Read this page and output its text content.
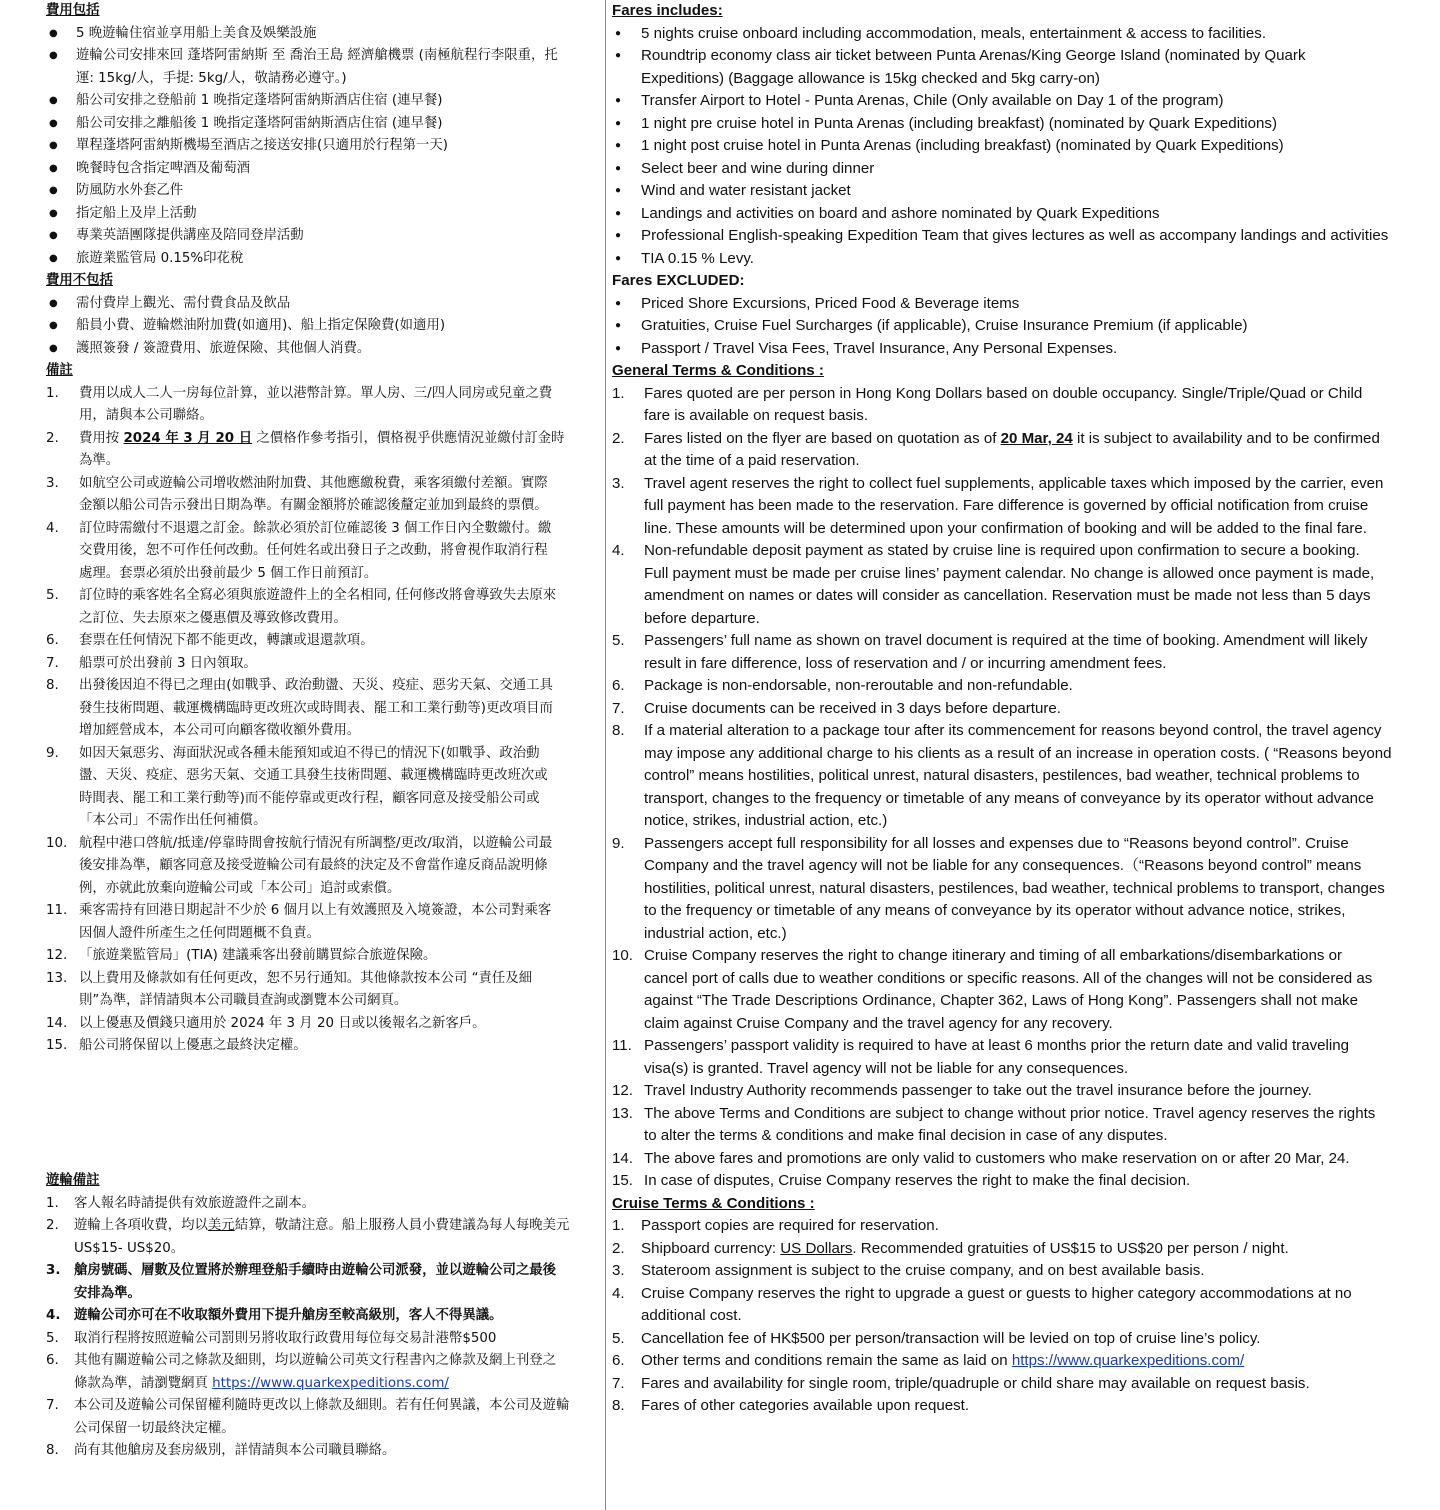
費用包括
● 5 晚遊輪住宿並享用船上美食及娛樂設施
● 遊輪公司安排來回 蓬塔阿雷納斯 至 喬治王島 經濟艙機票 (南極航程行李限重，托
運: 15kg/人，手提: 5kg/人，敬請務必遵守。)
● 船公司安排之登船前 1 晚指定蓬塔阿雷納斯酒店住宿 (連早餐)
● 船公司安排之離船後 1 晚指定蓬塔阿雷納斯酒店住宿 (連早餐)
● 單程蓬塔阿雷納斯機場至酒店之接送安排(只適用於行程第一天)
● 晚餐時包含指定啤酒及葡萄酒
● 防風防水外套乙件
● 指定船上及岸上活動
● 專業英語團隊提供講座及陪同登岸活動
● 旅遊業監管局 0.15%印花稅
費用不包括
● 需付費岸上觀光、需付費食品及飲品
● 船員小費、遊輪燃油附加費(如適用)、船上指定保險費(如適用)
● 護照簽發 / 簽證費用、旅遊保險、其他個人消費。
備註
1. 費用以成人二人一房每位計算，並以港幣計算。單人房、三/四人同房或兒童之費
用，請與本公司聯絡。
2. 費用按 2024 年 3 月 20 日 之價格作參考指引，價格視乎供應情況並繳付訂金時
為準。
3. 如航空公司或遊輪公司增收燃油附加費、其他應繳稅費，乘客須繳付差額。實際
金額以船公司告示發出日期為準。有關金額將於確認後釐定並加到最終的票價。
4. 訂位時需繳付不退還之訂金。餘款必須於訂位確認後 3 個工作日內全數繳付。繳
交費用後，恕不可作任何改動。任何姓名或出發日子之改動，將會視作取消行程
處理。套票必須於出發前最少 5 個工作日前預訂。
5. 訂位時的乘客姓名全寫必須與旅遊證件上的全名相同, 任何修改將會導致失去原來
之訂位、失去原來之優惠價及導致修改費用。
6. 套票在任何情況下都不能更改，轉讓或退還款項。
7. 船票可於出發前 3 日內領取。
8. 出發後因迫不得已之理由(如戰爭、政治動盪、天災、疫症、惡劣天氣、交通工具
發生技術問題、載運機構臨時更改班次或時間表、罷工和工業行動等)更改項目而
增加經營成本，本公司可向顧客徵收額外費用。
9. 如因天氣惡劣、海面狀況或各種未能預知或迫不得已的情況下(如戰爭、政治動
盪、天災、疫症、惡劣天氣、交通工具發生技術問題、載運機構臨時更改班次或
時間表、罷工和工業行動等)而不能停靠或更改行程，顧客同意及接受船公司或
「本公司」不需作出任何補償。
10. 航程中港口啓航/抵達/停靠時間會按航行情況有所調整/更改/取消，以遊輪公司最
後安排為準，顧客同意及接受遊輪公司有最終的決定及不會當作違反商品說明條
例，亦就此放棄向遊輪公司或「本公司」追討或索償。
11. 乘客需持有回港日期起計不少於 6 個月以上有效護照及入境簽證，本公司對乘客
因個人證件所產生之任何問題概不負責。
12. 「旅遊業監管局」(TIA) 建議乘客出發前購買綜合旅遊保險。
13. 以上費用及條款如有任何更改，恕不另行通知。其他條款按本公司 “責任及細
則”為準，詳情請與本公司職員查詢或瀏覽本公司網頁。
14. 以上優惠及價錢只適用於 2024 年 3 月 20 日或以後報名之新客戶。
15. 船公司將保留以上優惠之最終決定權。
遊輪備註
1. 客人報名時請提供有效旅遊證件之副本。
2. 遊輪上各項收費，均以美元結算，敬請注意。船上服務人員小費建議為每人每晚美元
US$15- US$20。
3. 艙房號碼、層數及位置將於辦理登船手續時由遊輪公司派發，並以遊輪公司之最後
安排為準。
4. 遊輪公司亦可在不收取額外費用下提升艙房至較高級別，客人不得異議。
5. 取消行程將按照遊輪公司罰則另將收取行政費用每位每交易計港幣$500
6. 其他有關遊輪公司之條款及細則，均以遊輪公司英文行程書內之條款及網上刊登之
條款為準，請瀏覽網頁 https://www.quarkexpeditions.com/
7. 本公司及遊輪公司保留權利隨時更改以上條款及細則。若有任何異議，本公司及遊輪
公司保留一切最終決定權。
8. 尚有其他艙房及套房級別，詳情請與本公司職員聯絡。
Fares includes:
● 5 nights cruise onboard including accommodation, meals, entertainment & access to facilities.
● Roundtrip economy class air ticket between Punta Arenas/King George Island (nominated by Quark
Expeditions) (Baggage allowance is 15kg checked and 5kg carry-on)
● Transfer Airport to Hotel - Punta Arenas, Chile (Only available on Day 1 of the program)
● 1 night pre cruise hotel in Punta Arenas (including breakfast) (nominated by Quark Expeditions)
● 1 night post cruise hotel in Punta Arenas (including breakfast) (nominated by Quark Expeditions)
● Select beer and wine during dinner
● Wind and water resistant jacket
● Landings and activities on board and ashore nominated by Quark Expeditions
● Professional English-speaking Expedition Team that gives lectures as well as accompany landings and activities
● TIA 0.15 % Levy.
Fares EXCLUDED:
● Priced Shore Excursions, Priced Food & Beverage items
● Gratuities, Cruise Fuel Surcharges (if applicable), Cruise Insurance Premium (if applicable)
● Passport / Travel Visa Fees, Travel Insurance, Any Personal Expenses.
General Terms & Conditions :
1. Fares quoted are per person in Hong Kong Dollars based on double occupancy. Single/Triple/Quad or Child
fare is available on request basis.
2. Fares listed on the flyer are based on quotation as of 20 Mar, 24 it is subject to availability and to be confirmed
at the time of a paid reservation.
3. Travel agent reserves the right to collect fuel supplements, applicable taxes which imposed by the carrier, even
full payment has been made to the reservation. Fare difference is governed by official notification from cruise
line. These amounts will be determined upon your confirmation of booking and will be added to the final fare.
4. Non-refundable deposit payment as stated by cruise line is required upon confirmation to secure a booking.
Full payment must be made per cruise lines’ payment calendar. No change is allowed once payment is made,
amendment on names or dates will consider as cancellation. Reservation must be made not less than 5 days
before departure.
5. Passengers’ full name as shown on travel document is required at the time of booking. Amendment will likely
result in fare difference, loss of reservation and / or incurring amendment fees.
6. Package is non-endorsable, non-reroutable and non-refundable.
7. Cruise documents can be received in 3 days before departure.
8. If a material alteration to a package tour after its commencement for reasons beyond control, the travel agency
may impose any additional charge to his clients as a result of an increase in operation costs. ( “Reasons beyond
control” means hostilities, political unrest, natural disasters, pestilences, bad weather, technical problems to
transport, changes to the frequency or timetable of any means of conveyance by its operator without advance
notice, strikes, industrial action, etc.)
9. Passengers accept full responsibility for all losses and expenses due to “Reasons beyond control”. Cruise
Company and the travel agency will not be liable for any consequences.（“Reasons beyond control” means
hostilities, political unrest, natural disasters, pestilences, bad weather, technical problems to transport, changes
to the frequency or timetable of any means of conveyance by its operator without advance notice, strikes,
industrial action, etc.)
10. Cruise Company reserves the right to change itinerary and timing of all embarkations/disembarkations or
cancel port of calls due to weather conditions or specific reasons. All of the changes will not be considered as
against “The Trade Descriptions Ordinance, Chapter 362, Laws of Hong Kong”. Passengers shall not make
claim against Cruise Company and the travel agency for any recovery.
11. Passengers’ passport validity is required to have at least 6 months prior the return date and valid traveling
visa(s) is granted. Travel agency will not be liable for any consequences.
12. Travel Industry Authority recommends passenger to take out the travel insurance before the journey.
13. The above Terms and Conditions are subject to change without prior notice. Travel agency reserves the rights
to alter the terms & conditions and make final decision in case of any disputes.
14. The above fares and promotions are only valid to customers who make reservation on or after 20 Mar, 24.
15. In case of disputes, Cruise Company reserves the right to make the final decision.
Cruise Terms & Conditions :
1. Passport copies are required for reservation.
2. Shipboard currency: US Dollars. Recommended gratuities of US$15 to US$20 per person / night.
3. Stateroom assignment is subject to the cruise company, and on best available basis.
4. Cruise Company reserves the right to upgrade a guest or guests to higher category accommodations at no
additional cost.
5. Cancellation fee of HK$500 per person/transaction will be levied on top of cruise line’s policy.
6. Other terms and conditions remain the same as laid on https://www.quarkexpeditions.com/
7. Fares and availability for single room, triple/quadruple or child share may available on request basis.
8. Fares of other categories available upon request.
